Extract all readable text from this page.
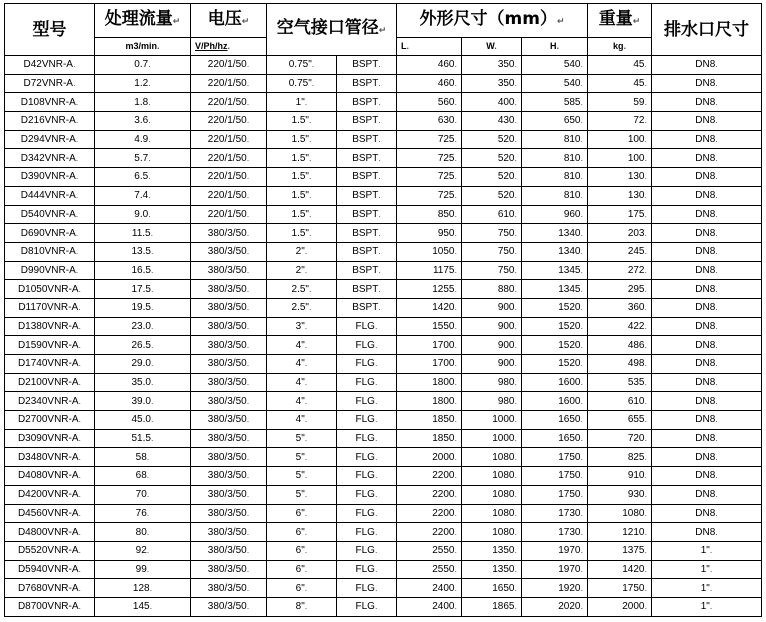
型号	处理流量↵	电压↵	空气接口管径↵		外形尺寸（mm）↵			重量↵	排水口尺寸
	m3/min.	V/Ph/hz.			L.	W.	H.	kg.	
D42VNR-A.	0.7.	220/1/50.	0.75".	BSPT.	460.	350.	540.	45.	DN8.
D72VNR-A.	1.2.	220/1/50.	0.75".	BSPT.	460.	350.	540.	45.	DN8.
D108VNR-A.	1.8.	220/1/50.	1".	BSPT.	560.	400.	585.	59.	DN8.
D216VNR-A.	3.6.	220/1/50.	1.5".	BSPT.	630.	430.	650.	72.	DN8.
D294VNR-A.	4.9.	220/1/50.	1.5".	BSPT.	725.	520.	810.	100.	DN8.
D342VNR-A.	5.7.	220/1/50.	1.5".	BSPT.	725.	520.	810.	100.	DN8.
D390VNR-A.	6.5.	220/1/50.	1.5".	BSPT.	725.	520.	810.	130.	DN8.
D444VNR-A.	7.4.	220/1/50.	1.5".	BSPT.	725.	520.	810.	130.	DN8.
D540VNR-A.	9.0.	220/1/50.	1.5".	BSPT.	850.	610.	960.	175.	DN8.
D690VNR-A.	11.5.	380/3/50.	1.5".	BSPT.	950.	750.	1340.	203.	DN8.
D810VNR-A.	13.5.	380/3/50.	2".	BSPT.	1050.	750.	1340.	245.	DN8.
D990VNR-A.	16.5.	380/3/50.	2".	BSPT.	1175.	750.	1345.	272.	DN8.
D1050VNR-A.	17.5.	380/3/50.	2.5".	BSPT.	1255.	880.	1345.	295.	DN8.
D1170VNR-A.	19.5.	380/3/50.	2.5".	BSPT.	1420.	900.	1520.	360.	DN8.
D1380VNR-A.	23.0.	380/3/50.	3".	FLG.	1550.	900.	1520.	422.	DN8.
D1590VNR-A.	26.5.	380/3/50.	4".	FLG.	1700.	900.	1520.	486.	DN8.
D1740VNR-A.	29.0.	380/3/50.	4".	FLG.	1700.	900.	1520.	498.	DN8.
D2100VNR-A.	35.0.	380/3/50.	4".	FLG.	1800.	980.	1600.	535.	DN8.
D2340VNR-A.	39.0.	380/3/50.	4".	FLG.	1800.	980.	1600.	610.	DN8.
D2700VNR-A.	45.0.	380/3/50.	4".	FLG.	1850.	1000.	1650.	655.	DN8.
D3090VNR-A.	51.5.	380/3/50.	5".	FLG.	1850.	1000.	1650.	720.	DN8.
D3480VNR-A.	58.	380/3/50.	5".	FLG.	2000.	1080.	1750.	825.	DN8.
D4080VNR-A.	68.	380/3/50.	5".	FLG.	2200.	1080.	1750.	910.	DN8.
D4200VNR-A.	70.	380/3/50.	5".	FLG.	2200.	1080.	1750.	930.	DN8.
D4560VNR-A.	76.	380/3/50.	6".	FLG.	2200.	1080.	1730.	1080.	DN8.
D4800VNR-A.	80.	380/3/50.	6".	FLG.	2200.	1080.	1730.	1210.	DN8.
D5520VNR-A.	92.	380/3/50.	6".	FLG.	2550.	1350.	1970.	1375.	1".
D5940VNR-A.	99.	380/3/50.	6".	FLG.	2550.	1350.	1970.	1420.	1".
D7680VNR-A.	128.	380/3/50.	6".	FLG.	2400.	1650.	1920.	1750.	1".
D8700VNR-A.	145.	380/3/50.	8".	FLG.	2400.	1865.	2020.	2000.	1".
